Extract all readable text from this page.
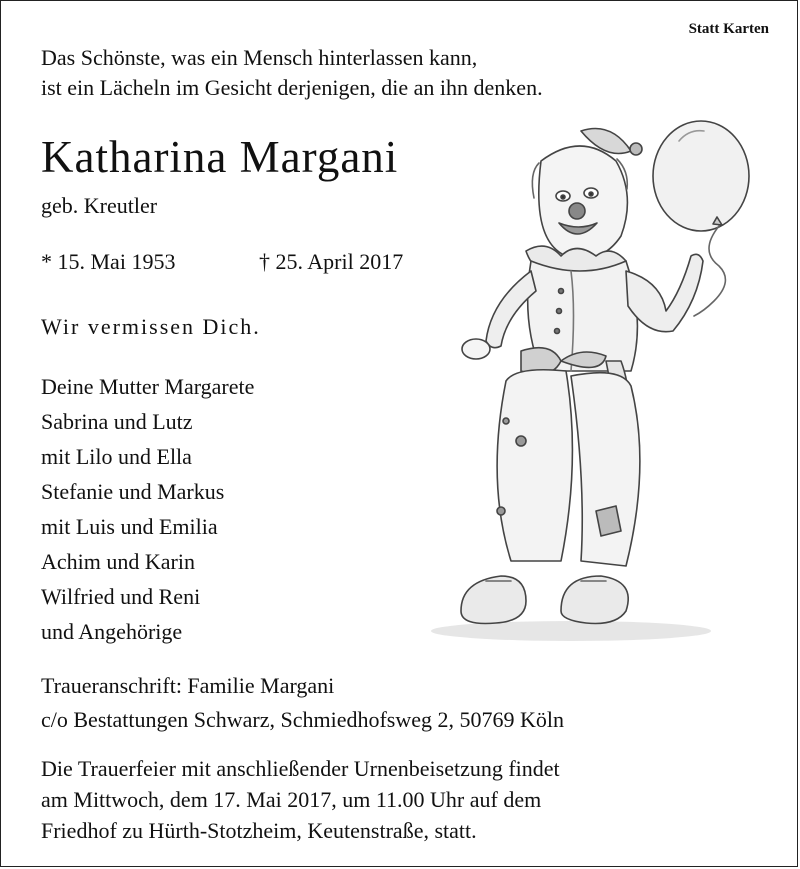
Statt Karten
Das Schönste, was ein Mensch hinterlassen kann,
ist ein Lächeln im Gesicht derjenigen, die an ihn denken.
Katharina Margani
geb. Kreutler
* 15. Mai 1953	† 25. April 2017
Wir vermissen Dich.
Deine Mutter Margarete
Sabrina und Lutz
mit Lilo und Ella
Stefanie und Markus
mit Luis und Emilia
Achim und Karin
Wilfried und Reni
und Angehörige
Traueranschrift: Familie Margani
c/o Bestattungen Schwarz, Schmiedhofsweg 2, 50769 Köln
Die Trauerfeier mit anschließender Urnenbeisetzung findet
am Mittwoch, dem 17. Mai 2017, um 11.00 Uhr auf dem
Friedhof zu Hürth-Stotzheim, Keutenstraße, statt.
